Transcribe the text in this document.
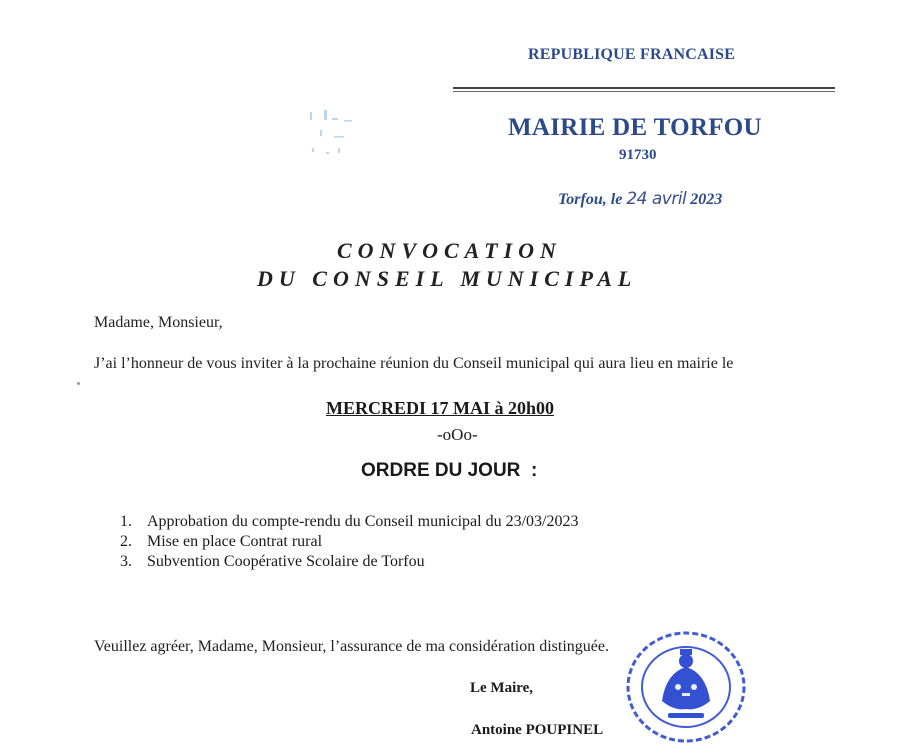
REPUBLIQUE FRANCAISE
MAIRIE DE TORFOU
91730
Torfou, le 24 avril 2023
CONVOCATION
DU CONSEIL MUNICIPAL
Madame, Monsieur,
J’ai l’honneur de vous inviter à la prochaine réunion du Conseil municipal qui aura lieu en mairie le
MERCREDI 17 MAI à 20h00
-oOo-
ORDRE DU JOUR  :
1. Approbation du compte-rendu du Conseil municipal du 23/03/2023
2. Mise en place Contrat rural
3. Subvention Coopérative Scolaire de Torfou
Veuillez agréer, Madame, Monsieur, l’assurance de ma considération distinguée.
Le Maire,
Antoine POUPINEL
